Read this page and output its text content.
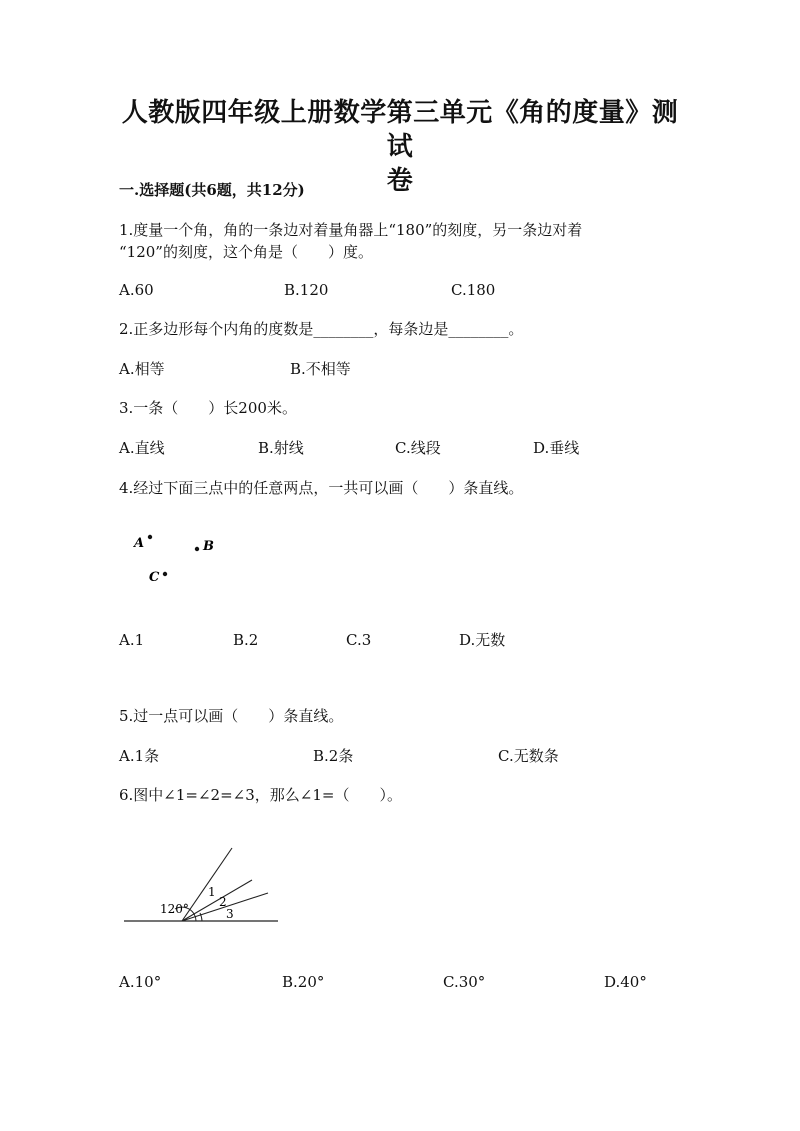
人教版四年级上册数学第三单元《角的度量》测试
卷
一.选择题(共6题，共12分)
1.度量一个角，角的一条边对着量角器上“180”的刻度，另一条边对着
“120”的刻度，这个角是（　　）度。
A.60	B.120	C.180
2.正多边形每个内角的度数是________，每条边是________。
A.相等	B.不相等
3.一条（　　）长200米。
A.直线	B.射线	C.线段	D.垂线
4.经过下面三点中的任意两点，一共可以画（　　）条直线。
A	B
C
A.1	B.2	C.3	D.无数
5.过一点可以画（　　）条直线。
A.1条	B.2条	C.无数条
6.图中∠1=∠2=∠3，那么∠1=（　　）。
120°
1
2
3
A.10°	B.20°	C.30°	D.40°
